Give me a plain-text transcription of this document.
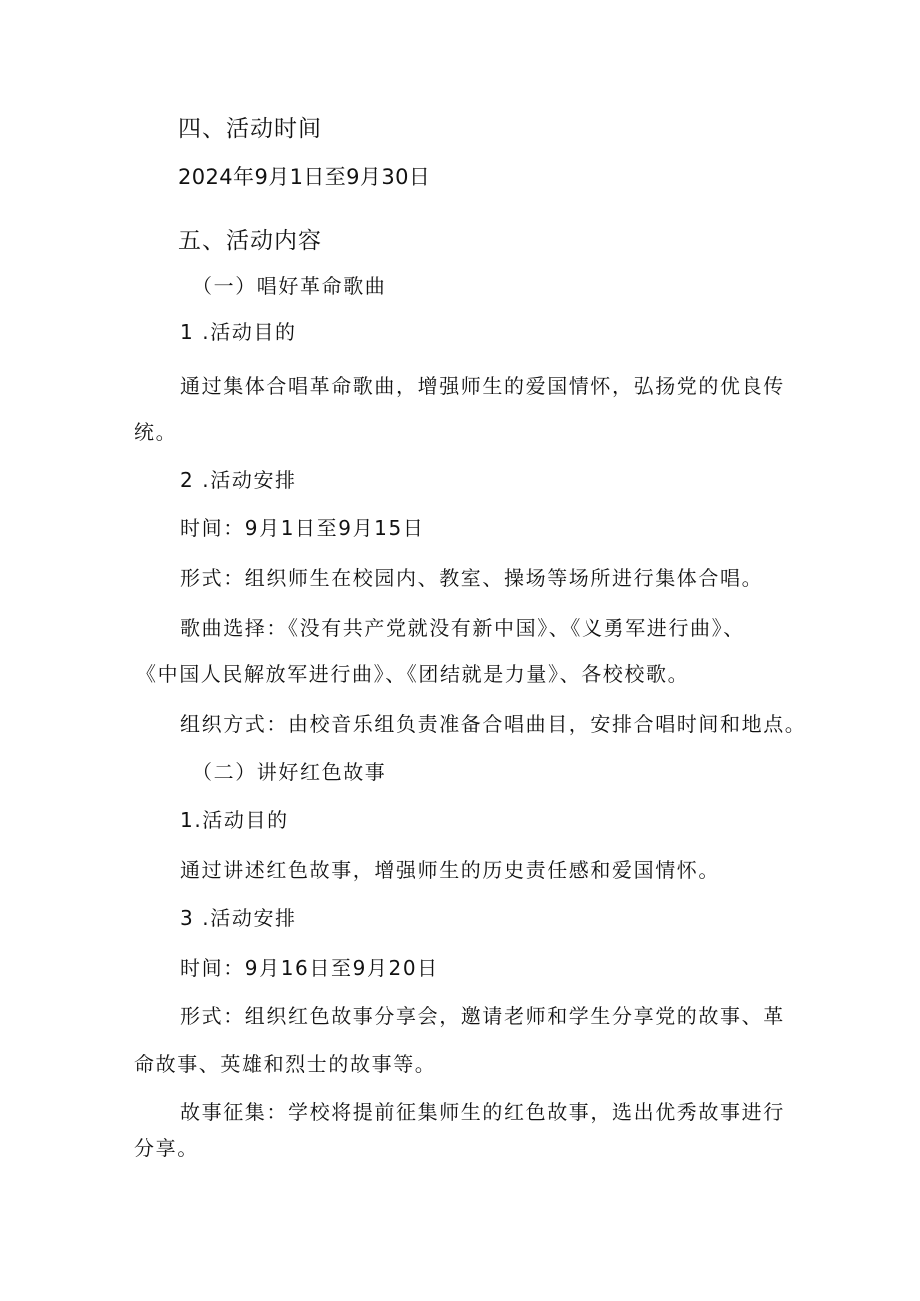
四、活动时间
2024年9月1日至9月30日
五、活动内容
（一）唱好革命歌曲
1 .活动目的
通过集体合唱革命歌曲，增强师生的爱国情怀，弘扬党的优良传
统。
2 .活动安排
时间：9月1日至9月15日
形式：组织师生在校园内、教室、操场等场所进行集体合唱。
歌曲选择：《没有共产党就没有新中国》、《义勇军进行曲》、
《中国人民解放军进行曲》、《团结就是力量》、各校校歌。
组织方式：由校音乐组负责准备合唱曲目，安排合唱时间和地点。
（二）讲好红色故事
1.活动目的
通过讲述红色故事，增强师生的历史责任感和爱国情怀。
3 .活动安排
时间：9月16日至9月20日
形式：组织红色故事分享会，邀请老师和学生分享党的故事、革
命故事、英雄和烈士的故事等。
故事征集：学校将提前征集师生的红色故事，选出优秀故事进行
分享。
